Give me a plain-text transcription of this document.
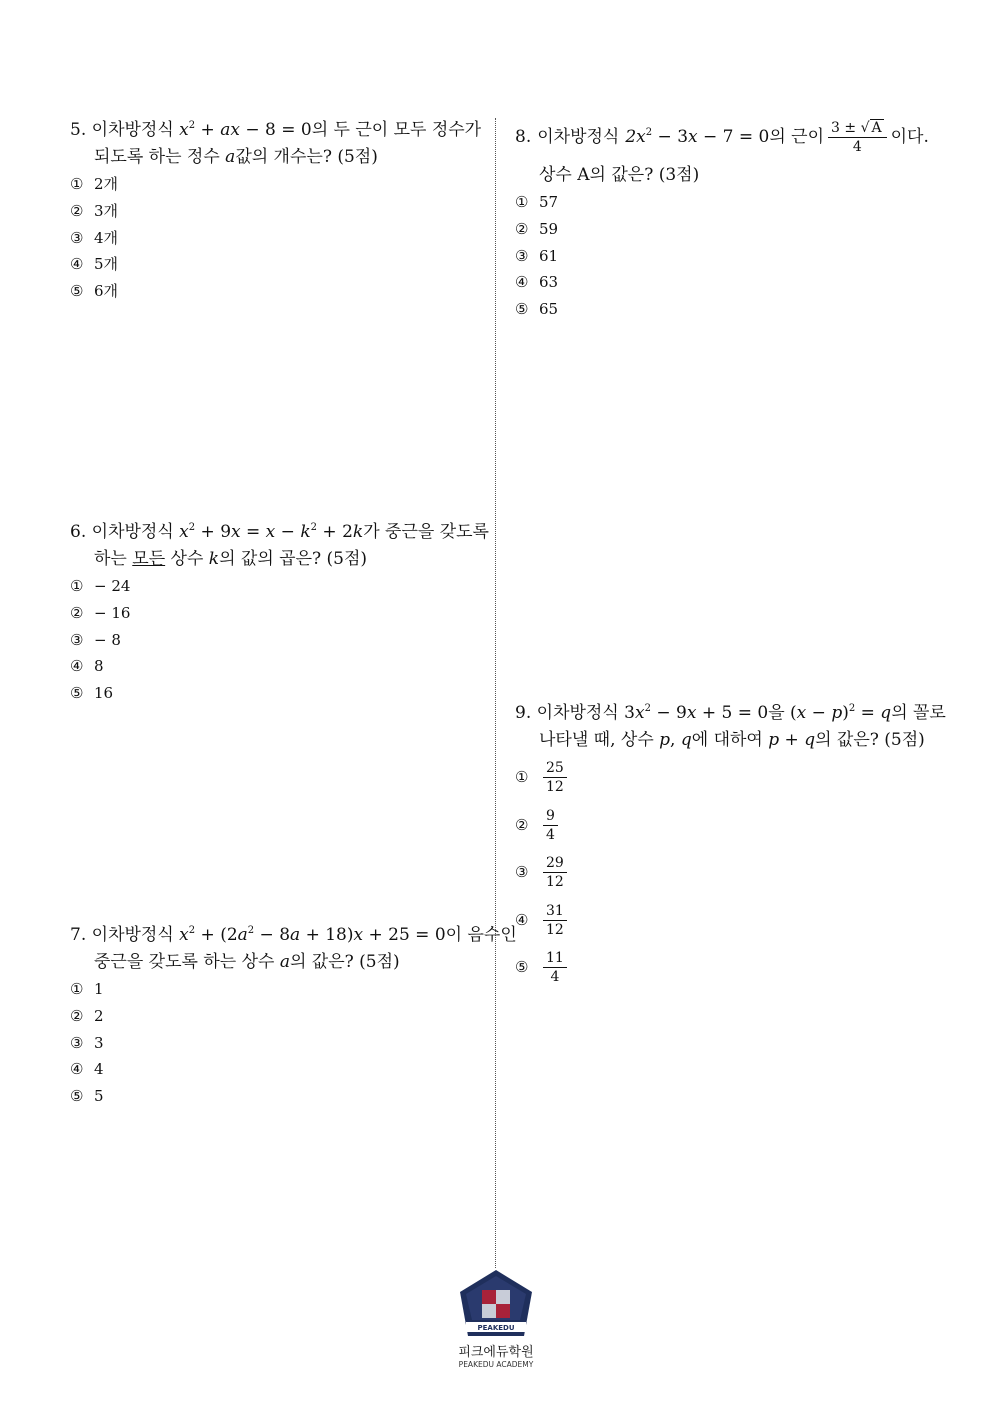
5. 이차방정식 $x^2$ + ax − 8 = 0의 두 근이 모두 정수가
되도록 하는 정수 a값의 개수는? (5점)
① 2개
② 3개
③ 4개
④ 5개
⑤ 6개
6. 이차방정식 $x^2 + 9x = x - k^2 + 2k$가 중근을 갖도록
하는 모든 상수 k의 값의 곱은? (5점)
① − 24
② − 16
③ − 8
④ 8
⑤ 16
7. 이차방정식 $x^2 + (2a^2 - 8a + 18)x + 25 = 0$이 음수인
중근을 갖도록 하는 상수 a의 값은? (5점)
① 1
② 2
③ 3
④ 4
⑤ 5
8. 이차방정식 $2x^2 - 3x - 7 = 0$ 의 근이 $\frac{3 \pm √ A}{4}$ 이다.
상수 A의 값은? (3점)
① 57
② 59
③ 61
④ 63
⑤ 65
9. 이차방정식 $3x^2 - 9x + 5 = 0$을 $(x - p)^2 = q$의 꼴로
나타낼 때, 상수 p, q에 대하여 p + q의 값은? (5점)
①	$\frac{25}{12}$
②	$\frac{9}{4}$
③	$\frac{29}{12}$
④	$\frac{31}{12}$
⑤	$\frac{11}{4}$
PEAKEDU
피크에듀학원
PEAKEDU ACADEMY
